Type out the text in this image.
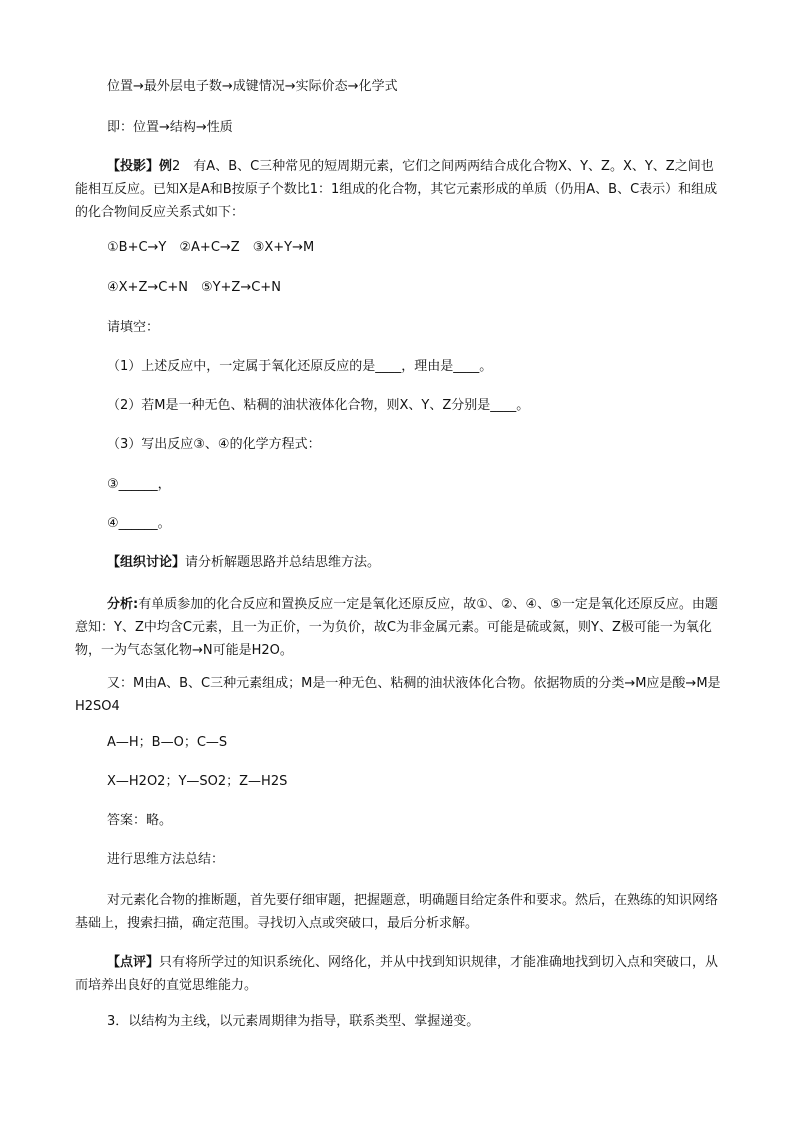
位置→最外层电子数→成键情况→实际价态→化学式
即：位置→结构→性质
【投影】例2　有A、B、C三种常见的短周期元素，它们之间两两结合成化合物X、Y、Z。X、Y、Z之间也能相互反应。已知X是A和B按原子个数比1：1组成的化合物，其它元素形成的单质（仍用A、B、C表示）和组成的化合物间反应关系式如下：
①B+C→Y　②A+C→Z　③X+Y→M
④X+Z→C+N　⑤Y+Z→C+N
请填空：
（1）上述反应中，一定属于氧化还原反应的是____，理由是____。
（2）若M是一种无色、粘稠的油状液体化合物，则X、Y、Z分别是____。
（3）写出反应③、④的化学方程式：
③______，
④______。
【组织讨论】请分析解题思路并总结思维方法。
分析:有单质参加的化合反应和置换反应一定是氧化还原反应，故①、②、④、⑤一定是氧化还原反应。由题意知：Y、Z中均含C元素，且一为正价，一为负价，故C为非金属元素。可能是硫或氮，则Y、Z极可能一为氧化物，一为气态氢化物→N可能是H2O。
又：M由A、B、C三种元素组成；M是一种无色、粘稠的油状液体化合物。依据物质的分类→M应是酸→M是H2SO4
A—H；B—O；C—S
X—H2O2；Y—SO2；Z—H2S
答案：略。
进行思维方法总结：
对元素化合物的推断题，首先要仔细审题，把握题意，明确题目给定条件和要求。然后，在熟练的知识网络基础上，搜索扫描，确定范围。寻找切入点或突破口，最后分析求解。
【点评】只有将所学过的知识系统化、网络化，并从中找到知识规律，才能准确地找到切入点和突破口，从而培养出良好的直觉思维能力。
3．以结构为主线，以元素周期律为指导，联系类型、掌握递变。
